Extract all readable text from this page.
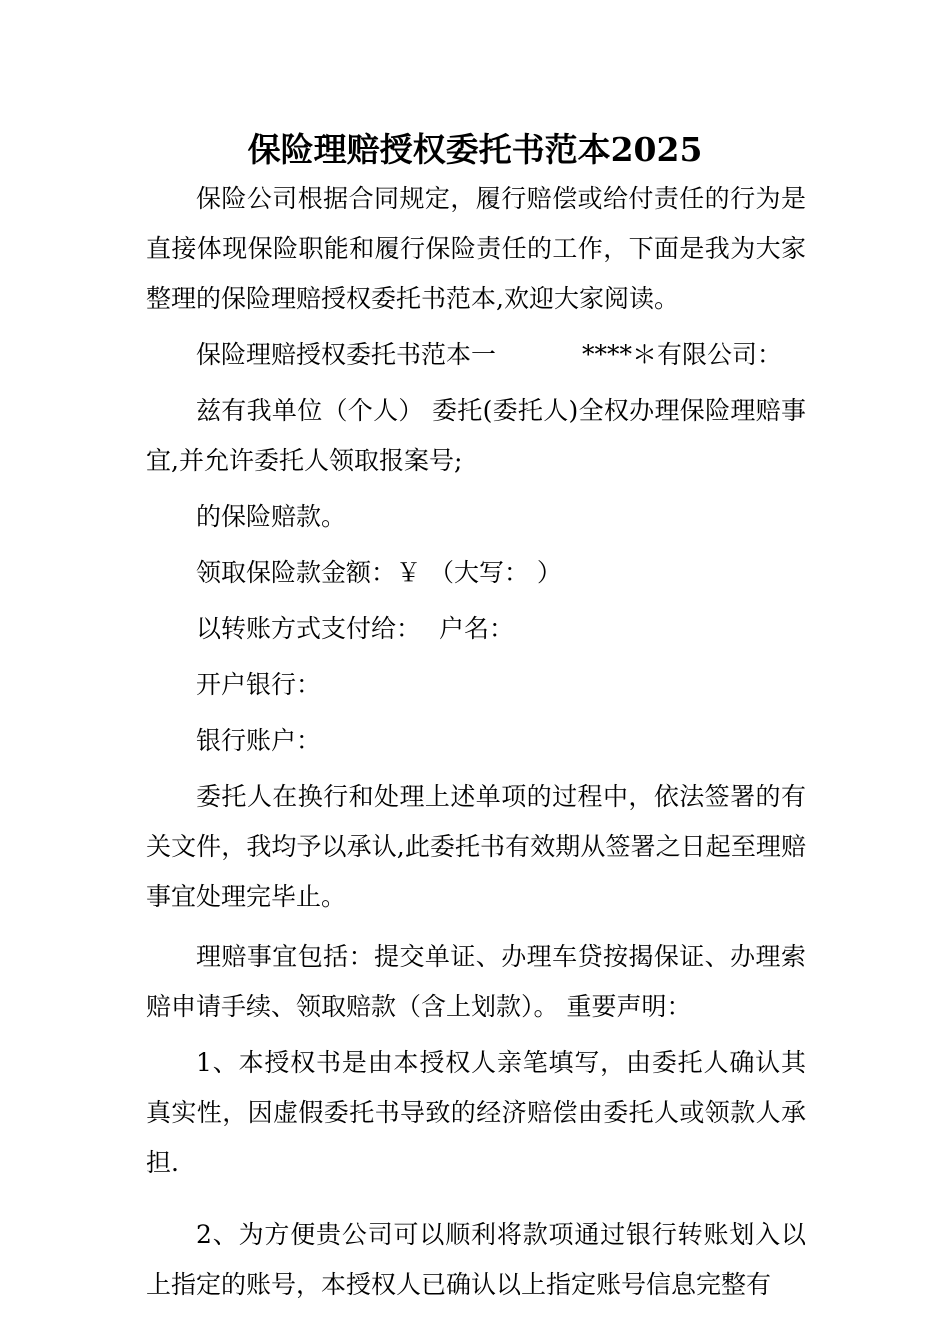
保险理赔授权委托书范本2025

保险公司根据合同规定，履行赔偿或给付责任的行为是直接体现保险职能和履行保险责任的工作，下面是我为大家整理的保险理赔授权委托书范本,欢迎大家阅读。

保险理赔授权委托书范本一	****＊有限公司：

兹有我单位（个人） 委托(委托人)全权办理保险理赔事宜,并允许委托人领取报案号;

的保险赔款。

领取保险款金额：￥ （大写： ）

以转账方式支付给： 户名：

开户银行：

银行账户：

委托人在换行和处理上述单项的过程中，依法签署的有关文件，我均予以承认,此委托书有效期从签署之日起至理赔事宜处理完毕止。

理赔事宜包括：提交单证、办理车贷按揭保证、办理索赔申请手续、领取赔款（含上划款）。 重要声明：

1、本授权书是由本授权人亲笔填写，由委托人确认其真实性，因虚假委托书导致的经济赔偿由委托人或领款人承担.

2、为方便贵公司可以顺利将款项通过银行转账划入以上指定的账号，本授权人已确认以上指定账号信息完整有
